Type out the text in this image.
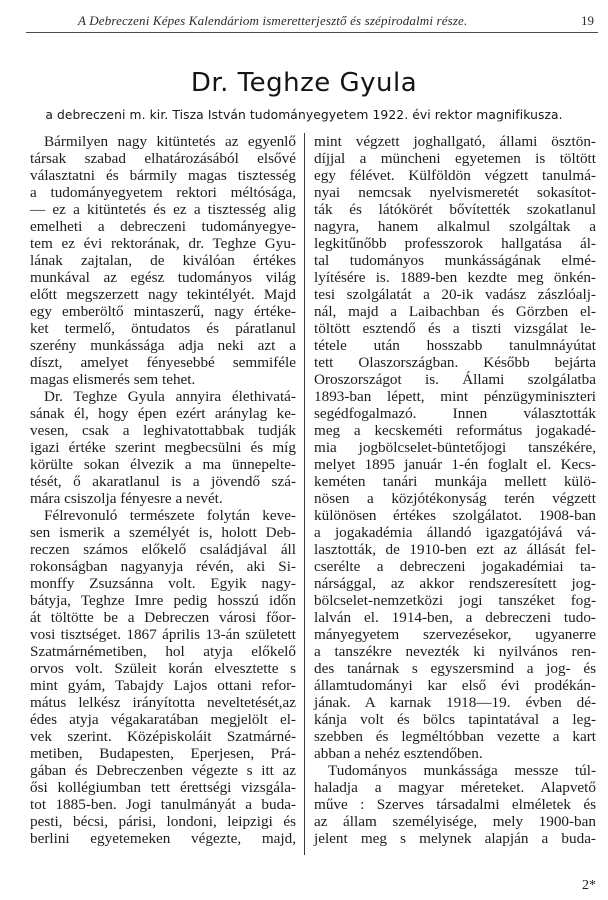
A Debreczeni Képes Kalendáriom ismeretterjesztő és szépirodalmi része.	19
Dr. Teghze Gyula
a debreczeni m. kir. Tisza István tudományegyetem 1922. évi rektor magnifikusza.
Bármilyen nagy kitüntetés az egyenlő
társak szabad elhatározásából elsővé
választatni és bármily magas tisztesség
a tudományegyetem rektori méltósága,
— ez a kitüntetés és ez a tisztesség alig
emelheti a debreczeni tudományegye-
tem ez évi rektorának, dr. Teghze Gyu-
lának zajtalan, de kiválóan értékes
munkával az egész tudományos világ
előtt megszerzett nagy tekintélyét. Majd
egy emberöltő mintaszerű, nagy értéke-
ket termelő, öntudatos és páratlanul
szerény munkássága adja neki azt a
díszt, amelyet fényesebbé semmiféle
magas elismerés sem tehet.
Dr. Teghze Gyula annyira élethivatá-
sának él, hogy épen ezért aránylag ke-
vesen, csak a leghivatottabbak tudják
igazi értéke szerint megbecsülni és míg
körülte sokan élvezik a ma ünnepelte-
tését, ő akaratlanul is a jövendő szá-
mára csiszolja fényesre a nevét.
Félrevonuló természete folytán keve-
sen ismerik a személyét is, holott Deb-
reczen számos előkelő családjával áll
rokonságban nagyanyja révén, aki Si-
monffy Zsuzsánna volt. Egyik nagy-
bátyja, Teghze Imre pedig hosszú időn
át töltötte be a Debreczen városi főor-
vosi tisztséget. 1867 április 13-án született
Szatmárnémetiben, hol atyja előkelő
orvos volt. Szüleit korán elvesztette s
mint gyám, Tabajdy Lajos ottani refor-
mátus lelkész irányította neveltetését,az
édes atyja végakaratában megjelölt el-
vek szerint. Középiskoláit Szatmárné-
metiben, Budapesten, Eperjesen, Prá-
gában és Debreczenben végezte s itt az
ősi kollégiumban tett érettségi vizsgála-
tot 1885-ben. Jogi tanulmányát a buda-
pesti, bécsi, párisi, londoni, leipzigi és
berlini egyetemeken végezte, majd,
mint végzett joghallgató, állami ösztön-
díjjal a müncheni egyetemen is töltött
egy félévet. Külföldön végzett tanulmá-
nyai nemcsak nyelvismeretét sokasítot-
ták és látókörét bővítették szokatlanul
nagyra, hanem alkalmul szolgáltak a
legkitűnőbb professzorok hallgatása ál-
tal tudományos munkásságának elmé-
lyítésére is. 1889-ben kezdte meg önkén-
tesi szolgálatát a 20-ik vadász zászlóalj-
nál, majd a Laibachban és Görzben el-
töltött esztendő és a tiszti vizsgálat le-
tétele után hosszabb tanulmnáyútat
tett Olaszországban. Később bejárta
Oroszországot is. Állami szolgálatba
1893-ban lépett, mint pénzügyminiszteri
segédfogalmazó. Innen választották
meg a kecskeméti református jogakadé-
mia jogbölcselet-büntetőjogi tanszékére,
melyet 1895 január 1-én foglalt el. Kecs-
keméten tanári munkája mellett külö-
nösen a közjótékonyság terén végzett
különösen értékes szolgálatot. 1908-ban
a jogakadémia állandó igazgatójává vá-
lasztották, de 1910-ben ezt az állását fel-
cserélte a debreczeni jogakadémiai ta-
nársággal, az akkor rendszeresített jog-
bölcselet-nemzetközi jogi tanszéket fog-
lalván el. 1914-ben, a debreczeni tudo-
mányegyetem szervezésekor, ugyanerre
a tanszékre nevezték ki nyilvános ren-
des tanárnak s egyszersmind a jog- és
államtudományi kar első évi prodékán-
jának. A karnak 1918—19. évben dé-
kánja volt és bölcs tapintatával a leg-
szebben és legméltóbban vezette a kart
abban a nehéz esztendőben.
Tudományos munkássága messze túl-
haladja a magyar méreteket. Alapvető
műve : Szerves társadalmi elméletek és
az állam személyisége, mely 1900-ban
jelent meg s melynek alapján a buda-
2*
